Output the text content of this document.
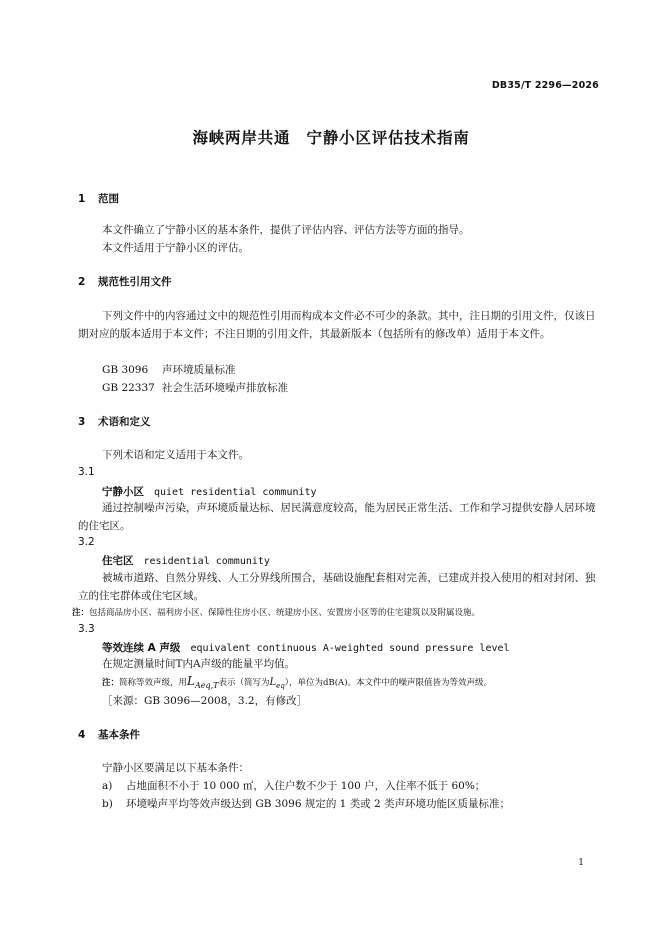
DB35/T 2296—2026
海峡两岸共通　宁静小区评估技术指南
1 范围
本文件确立了宁静小区的基本条件，提供了评估内容、评估方法等方面的指导。
本文件适用于宁静小区的评估。
2 规范性引用文件
下列文件中的内容通过文中的规范性引用而构成本文件必不可少的条款。其中，注日期的引用文件，仅该日期对应的版本适用于本文件；不注日期的引用文件，其最新版本（包括所有的修改单）适用于本文件。
GB 3096 声环境质量标准
GB 22337 社会生活环境噪声排放标准
3 术语和定义
下列术语和定义适用于本文件。
3.1
宁静小区 quiet residential community
通过控制噪声污染，声环境质量达标、居民满意度较高，能为居民正常生活、工作和学习提供安静人居环境的住宅区。
3.2
住宅区 residential community
被城市道路、自然分界线、人工分界线所围合，基础设施配套相对完善，已建成并投入使用的相对封闭、独立的住宅群体或住宅区域。
注：包括商品房小区、福利房小区、保障性住房小区、统建房小区、安置房小区等的住宅建筑以及附属设施。
3.3
等效连续 A 声级 equivalent continuous A-weighted sound pressure level
在规定测量时间T内A声级的能量平均值。
注：简称等效声级，用$L_{Aeq,T}$表示（简写为$L_{eq}$），单位为dB(A)。本文件中的噪声限值皆为等效声级。
［来源：GB 3096—2008，3.2，有修改］
4 基本条件
宁静小区要满足以下基本条件：
a) 占地面积不小于 10 000 ㎡，入住户数不少于 100 户，入住率不低于 60%；
b) 环境噪声平均等效声级达到 GB 3096 规定的 1 类或 2 类声环境功能区质量标准；
1
